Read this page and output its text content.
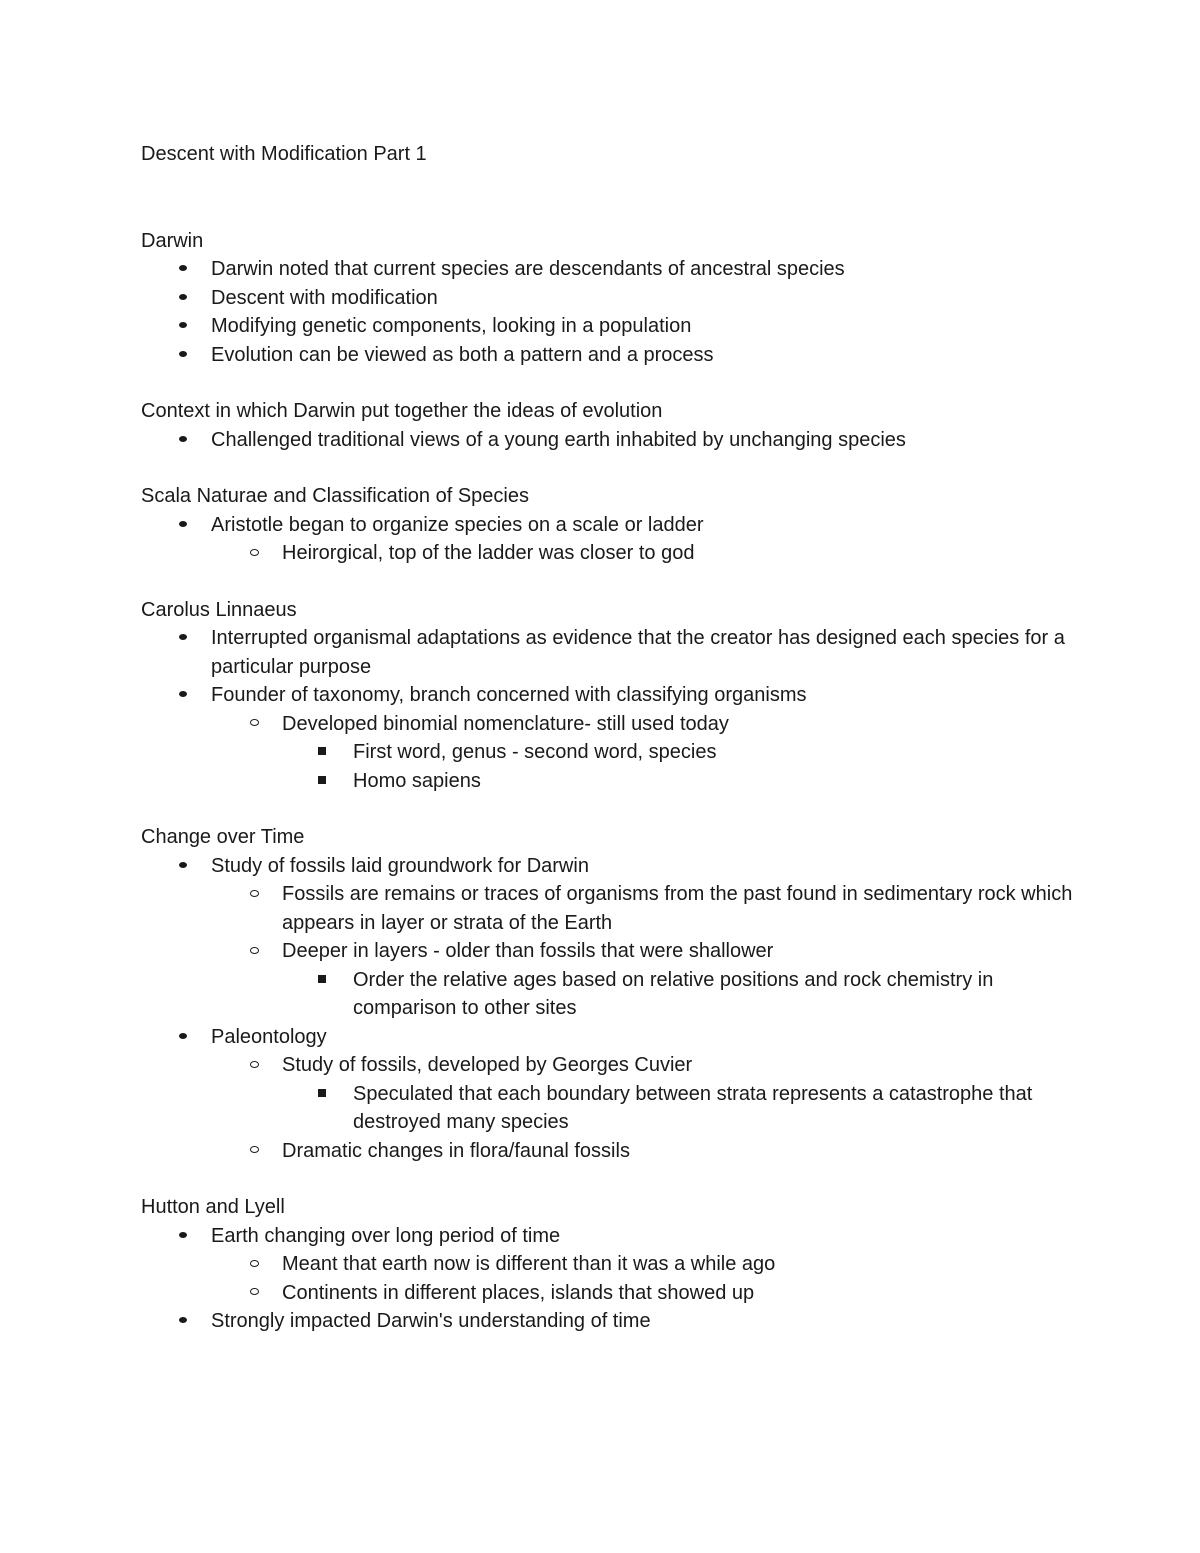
Descent with Modification Part 1
Darwin
Darwin noted that current species are descendants of ancestral species
Descent with modification
Modifying genetic components, looking in a population
Evolution can be viewed as both a pattern and a process
Context in which Darwin put together the ideas of evolution
Challenged traditional views of a young earth inhabited by unchanging species
Scala Naturae and Classification of Species
Aristotle began to organize species on a scale or ladder
Heirorgical, top of the ladder was closer to god
Carolus Linnaeus
Interrupted organismal adaptations as evidence that the creator has designed each species for a particular purpose
Founder of taxonomy, branch concerned with classifying organisms
Developed binomial nomenclature- still used today
First word, genus - second word, species
Homo sapiens
Change over Time
Study of fossils laid groundwork for Darwin
Fossils are remains or traces of organisms from the past found in sedimentary rock which appears in layer or strata of the Earth
Deeper in layers - older than fossils that were shallower
Order the relative ages based on relative positions and rock chemistry in comparison to other sites
Paleontology
Study of fossils, developed by Georges Cuvier
Speculated that each boundary between strata represents a catastrophe that destroyed many species
Dramatic changes in flora/faunal fossils
Hutton and Lyell
Earth changing over long period of time
Meant that earth now is different than it was a while ago
Continents in different places, islands that showed up
Strongly impacted Darwin's understanding of time
